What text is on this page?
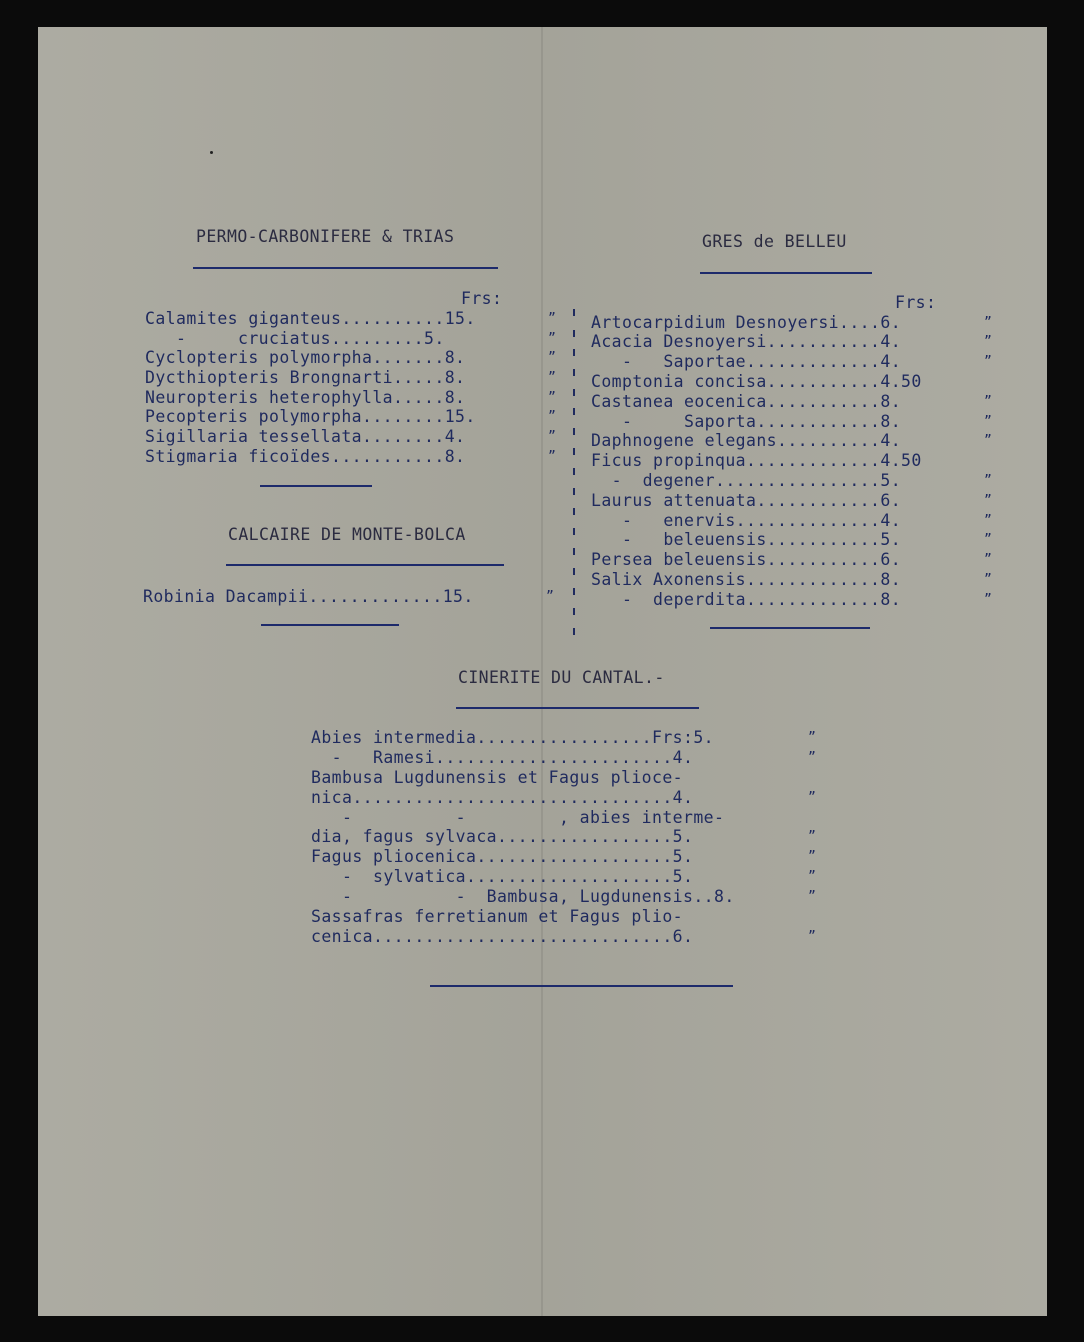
PERMO-CARBONIFERE & TRIAS
Frs:
Calamites giganteus..........15.	”
-     cruciatus.........5.	”
Cyclopteris polymorpha.......8.	”
Dycthiopteris Brongnarti.....8.	”
Neuropteris heterophylla.....8.	”
Pecopteris polymorpha........15.	”
Sigillaria tessellata........4.	”
Stigmaria ficoïdes...........8.	”
CALCAIRE DE MONTE-BOLCA
Robinia Dacampii.............15.	”
GRES de BELLEU
Frs:
Artocarpidium Desnoyersi....6.	”
Acacia Desnoyersi...........4.	”
-   Saportae.............4.	”
Comptonia concisa...........4.50
Castanea eocenica...........8.	”
-     Saporta............8.	”
Daphnogene elegans..........4.	”
Ficus propinqua.............4.50
-  degener................5.	”
Laurus attenuata............6.	”
-   enervis..............4.	”
-   beleuensis...........5.	”
Persea beleuensis...........6.	”
Salix Axonensis.............8.	”
-  deperdita.............8.	”
CINERITE DU CANTAL.-
Abies intermedia.................Frs:5.	”
-   Ramesi.......................4.	”
Bambusa Lugdunensis et Fagus plioce-
nica...............................4.	”
-          -         , abies interme-
dia, fagus sylvaca.................5.	”
Fagus pliocenica...................5.	”
-  sylvatica....................5.	”
-          -  Bambusa, Lugdunensis..8.	”
Sassafras ferretianum et Fagus plio-
cenica.............................6.	”
